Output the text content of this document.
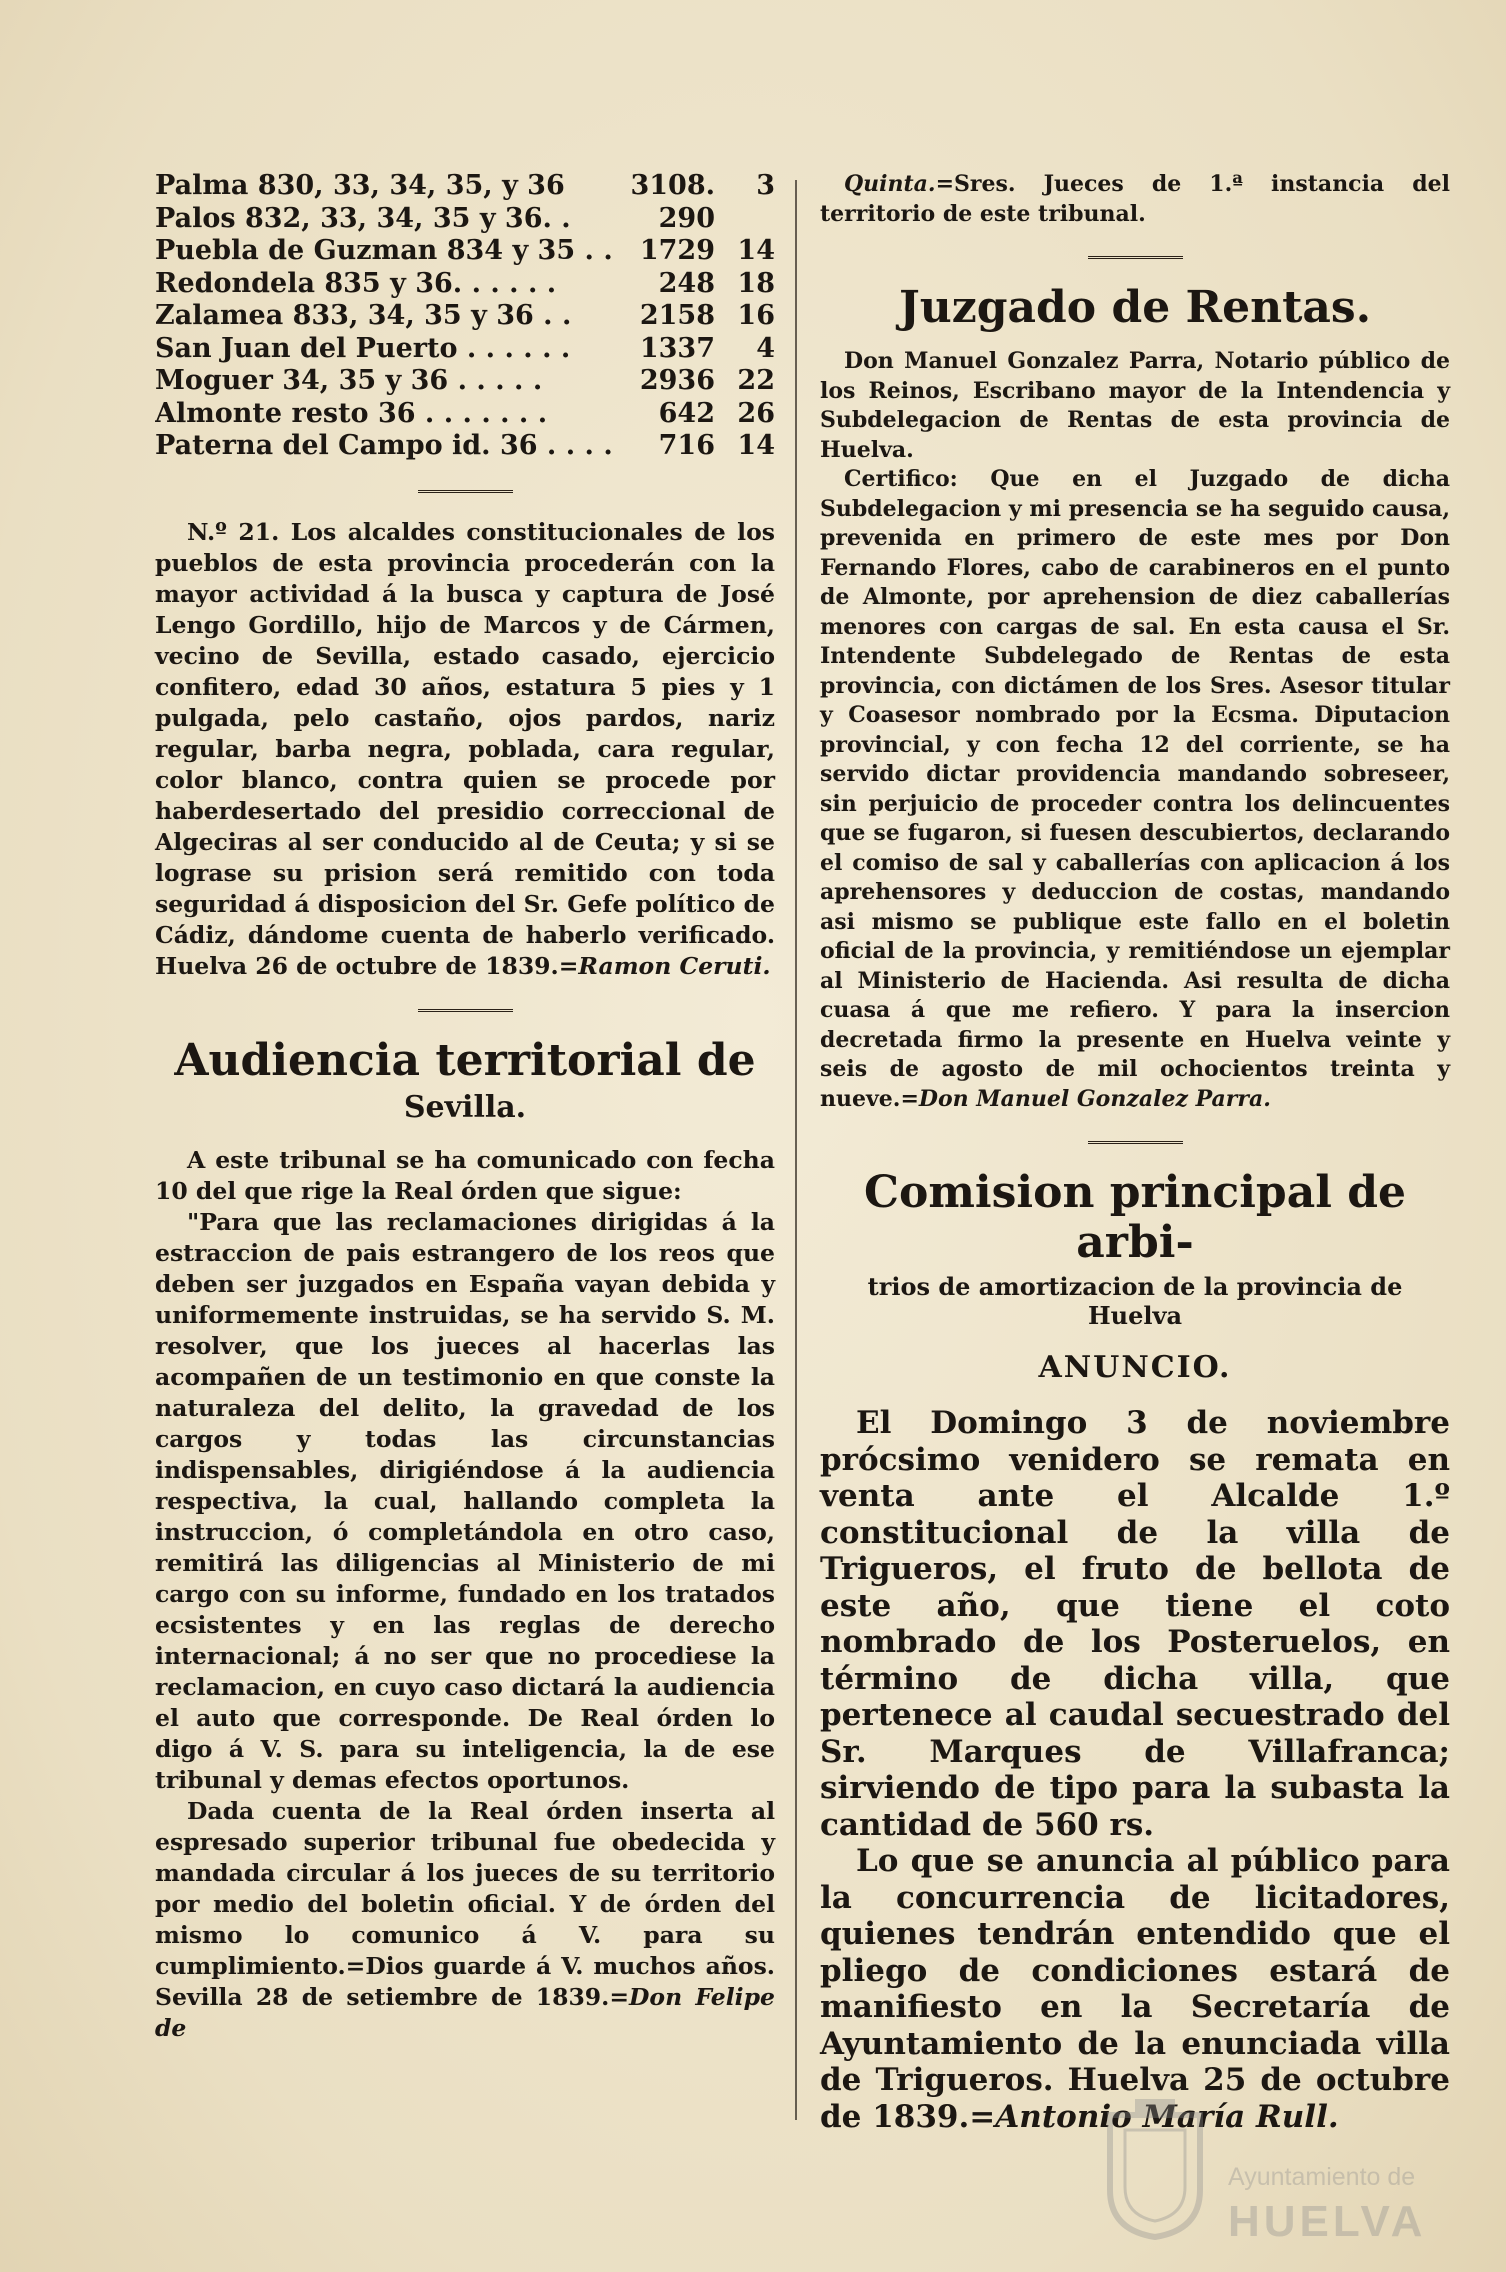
Palma 830, 33, 34, 35, y 36	3108.	3
Palos 832, 33, 34, 35 y 36. .	290
Puebla de Guzman 834 y 35 . .	1729 14
Redondela 835 y 36. . . . . .	248 18
Zalamea 833, 34, 35 y 36 . .	2158 16
San Juan del Puerto . . . . . .	1337	4
Moguer 34, 35 y 36 . . . . .	2936 22
Almonte resto 36 . . . . . . .	642 26
Paterna del Campo id. 36 . . . .	716 14

N.º 21. Los alcaldes constitucionales de los pueblos de esta provincia procederán con la mayor actividad á la busca y captura de José Lengo Gordillo, hijo de Marcos y de Cármen, vecino de Sevilla, estado casado, ejercicio confitero, edad 30 años, estatura 5 pies y 1 pulgada, pelo castaño, ojos pardos, nariz regular, barba negra, poblada, cara regular, color blanco, contra quien se procede por haberdesertado del presidio correccional de Algeciras al ser conducido al de Ceuta; y si se lograse su prision será remitido con toda seguridad á disposicion del Sr. Gefe político de Cádiz, dándome cuenta de haberlo verificado. Huelva 26 de octubre de 1839.=Ramon Ceruti.

Audiencia territorial de
Sevilla.

A este tribunal se ha comunicado con fecha 10 del que rige la Real órden que sigue:

"Para que las reclamaciones dirigidas á la estraccion de pais estrangero de los reos que deben ser juzgados en España vayan debida y uniformemente instruidas, se ha servido S. M. resolver, que los jueces al hacerlas las acompañen de un testimonio en que conste la naturaleza del delito, la gravedad de los cargos y todas las circunstancias indispensables, dirigiéndose á la audiencia respectiva, la cual, hallando completa la instruccion, ó completándola en otro caso, remitirá las diligencias al Ministerio de mi cargo con su informe, fundado en los tratados ecsistentes y en las reglas de derecho internacional; á no ser que no procediese la reclamacion, en cuyo caso dictará la audiencia el auto que corresponde. De Real órden lo digo á V. S. para su inteligencia, la de ese tribunal y demas efectos oportunos.

Dada cuenta de la Real órden inserta al espresado superior tribunal fue obedecida y mandada circular á los jueces de su territorio por medio del boletin oficial. Y de órden del mismo lo comunico á V. para su cumplimiento.=Dios guarde á V. muchos años. Sevilla 28 de setiembre de 1839.=Don Felipe de

Quinta.=Sres. Jueces de 1.ª instancia del territorio de este tribunal.

Juzgado de Rentas.

Don Manuel Gonzalez Parra, Notario público de los Reinos, Escribano mayor de la Intendencia y Subdelegacion de Rentas de esta provincia de Huelva.

Certifico: Que en el Juzgado de dicha Subdelegacion y mi presencia se ha seguido causa, prevenida en primero de este mes por Don Fernando Flores, cabo de carabineros en el punto de Almonte, por aprehension de diez caballerías menores con cargas de sal. En esta causa el Sr. Intendente Subdelegado de Rentas de esta provincia, con dictámen de los Sres. Asesor titular y Coasesor nombrado por la Ecsma. Diputacion provincial, y con fecha 12 del corriente, se ha servido dictar providencia mandando sobreseer, sin perjuicio de proceder contra los delincuentes que se fugaron, si fuesen descubiertos, declarando el comiso de sal y caballerías con aplicacion á los aprehensores y deduccion de costas, mandando asi mismo se publique este fallo en el boletin oficial de la provincia, y remitiéndose un ejemplar al Ministerio de Hacienda. Asi resulta de dicha cuasa á que me refiero. Y para la insercion decretada firmo la presente en Huelva veinte y seis de agosto de mil ochocientos treinta y nueve.=Don Manuel Gonzalez Parra.

Comision principal de arbi-
trios de amortizacion de la provincia de Huelva
ANUNCIO.

El Domingo 3 de noviembre prócsimo venidero se remata en venta ante el Alcalde 1.º constitucional de la villa de Trigueros, el fruto de bellota de este año, que tiene el coto nombrado de los Posteruelos, en término de dicha villa, que pertenece al caudal secuestrado del Sr. Marques de Villafranca; sirviendo de tipo para la subasta la cantidad de 560 rs.

Lo que se anuncia al público para la concurrencia de licitadores, quienes tendrán entendido que el pliego de condiciones estará de manifiesto en la Secretaría de Ayuntamiento de la enunciada villa de Trigueros. Huelva 25 de octubre de 1839.=Antonio María Rull.

Ayuntamiento de
HUELVA
